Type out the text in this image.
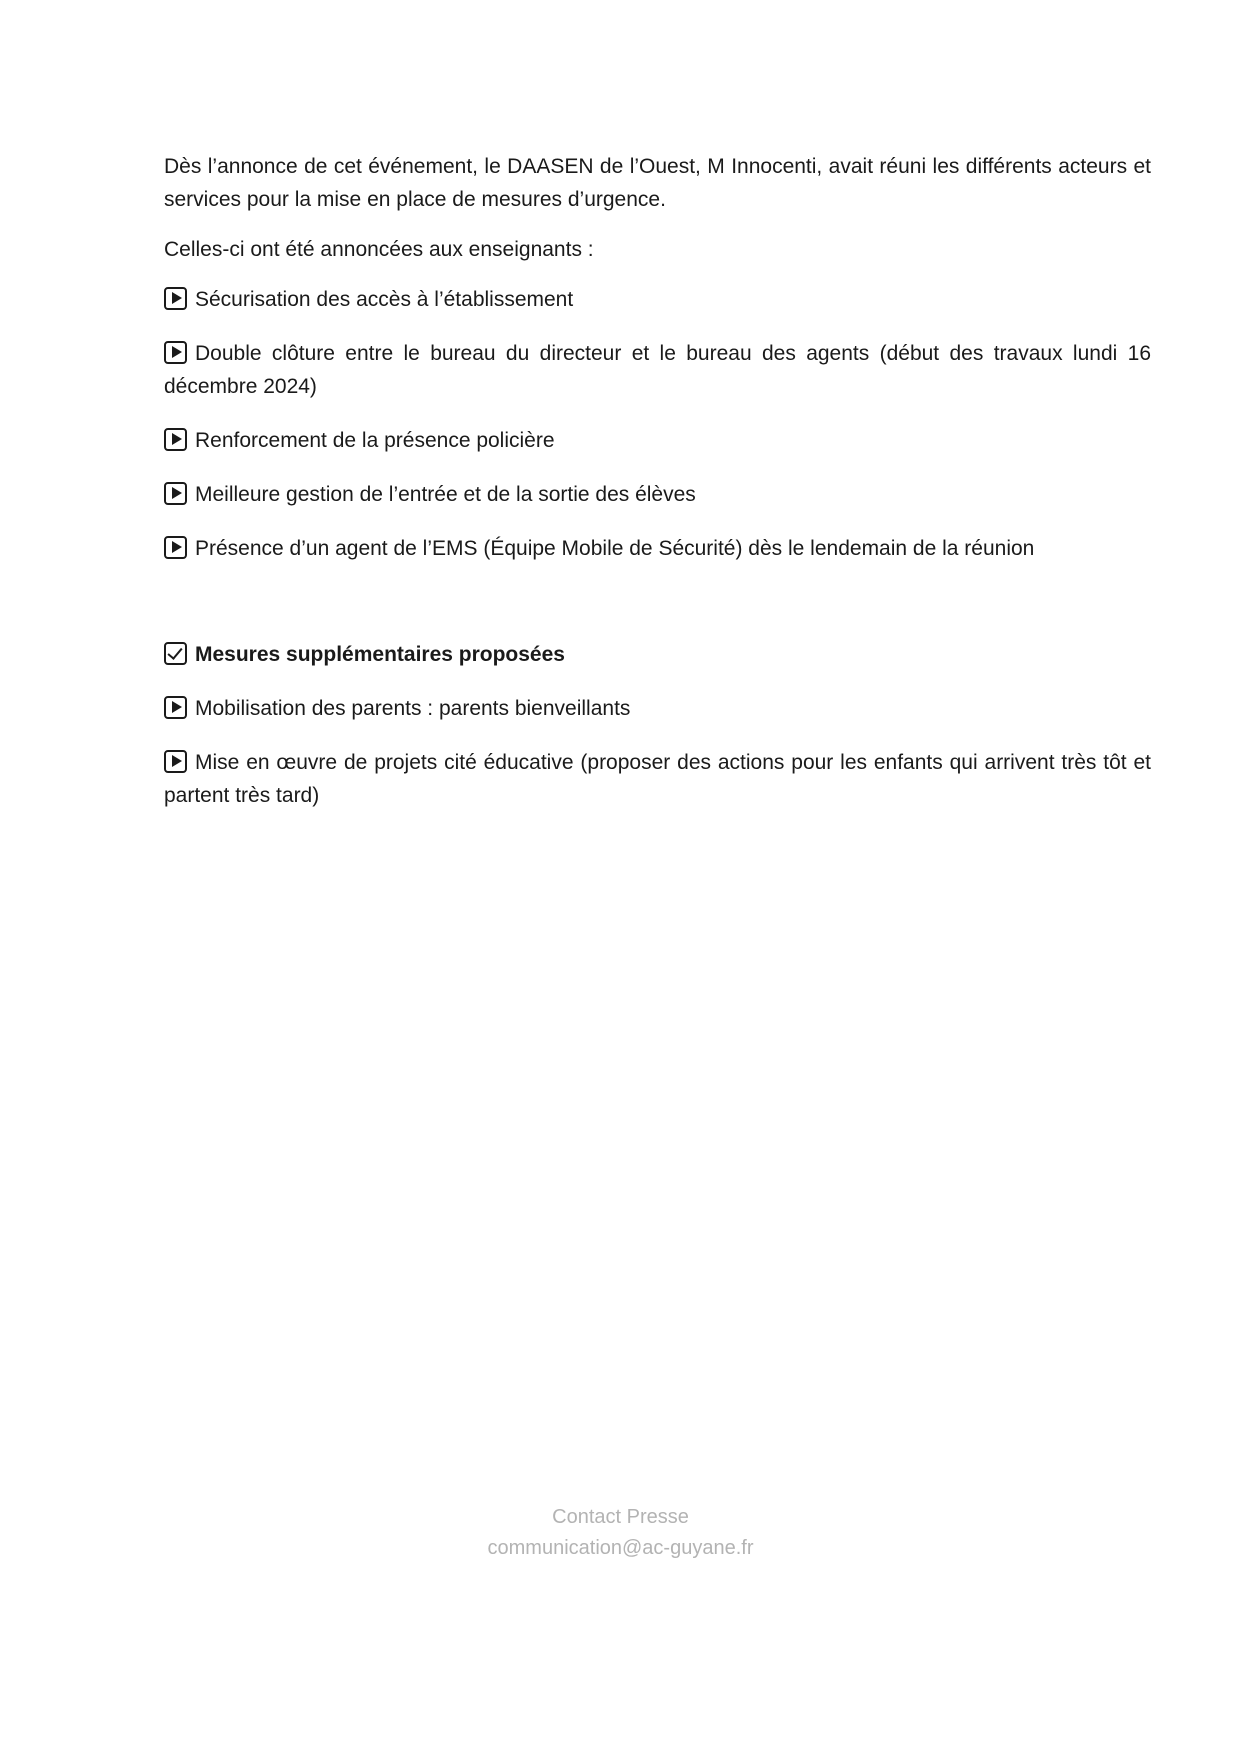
Dès l’annonce de cet événement, le DAASEN de l’Ouest, M Innocenti, avait réuni les différents acteurs et services pour la mise en place de mesures d’urgence.

Celles-ci ont été annoncées aux enseignants :

Sécurisation des accès à l’établissement

Double clôture entre le bureau du directeur et le bureau des agents (début des travaux lundi 16 décembre 2024)

Renforcement de la présence policière

Meilleure gestion de l’entrée et de la sortie des élèves

Présence d’un agent de l’EMS (Équipe Mobile de Sécurité) dès le lendemain de la réunion

Mesures supplémentaires proposées

Mobilisation des parents : parents bienveillants

Mise en œuvre de projets cité éducative (proposer des actions pour les enfants qui arrivent très tôt et partent très tard)

Contact Presse
communication@ac-guyane.fr
